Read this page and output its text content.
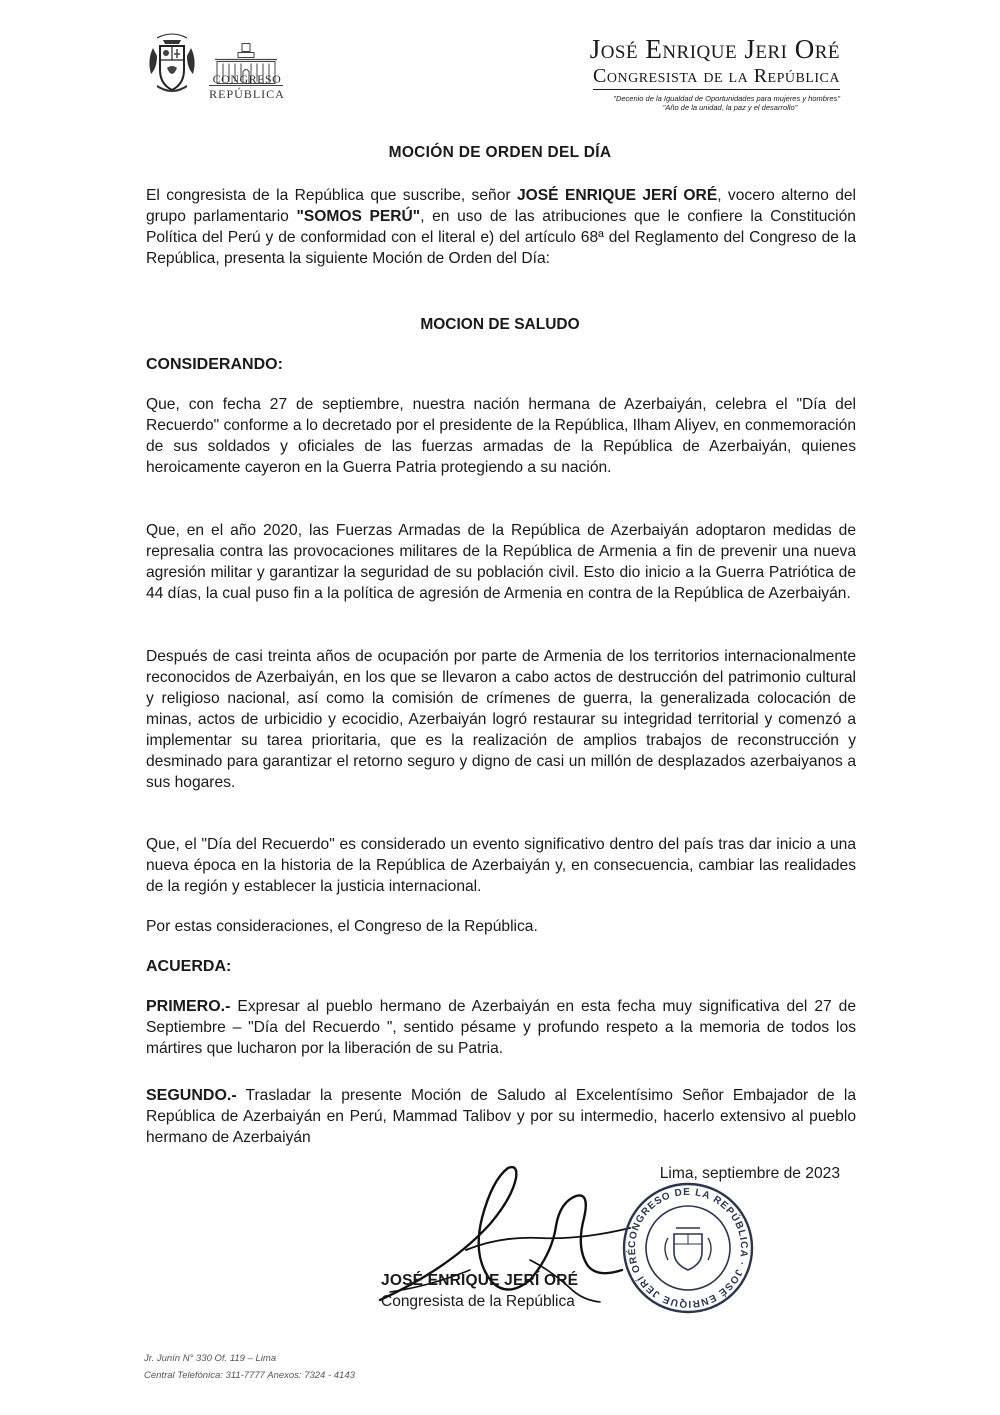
CONGRESO
REPÚBLICA
José Enrique Jeri Oré
Congresista de la República
"Decenio de la Igualdad de Oportunidades para mujeres y hombres"
"Año de la unidad, la paz y el desarrollo"
MOCIÓN DE ORDEN DEL DÍA

El congresista de la República que suscribe, señor JOSÉ ENRIQUE JERÍ ORÉ, vocero alterno del grupo parlamentario "SOMOS PERÚ", en uso de las atribuciones que le confiere la Constitución Política del Perú y de conformidad con el literal e) del artículo 68ª del Reglamento del Congreso de la República, presenta la siguiente Moción de Orden del Día:

MOCION DE SALUDO
CONSIDERANDO:

Que, con fecha 27 de septiembre, nuestra nación hermana de Azerbaiyán, celebra el "Día del Recuerdo" conforme a lo decretado por el presidente de la República, Ilham Aliyev, en conmemoración de sus soldados y oficiales de las fuerzas armadas de la República de Azerbaiyán, quienes heroicamente cayeron en la Guerra Patria protegiendo a su nación.

Que, en el año 2020, las Fuerzas Armadas de la República de Azerbaiyán adoptaron medidas de represalia contra las provocaciones militares de la República de Armenia a fin de prevenir una nueva agresión militar y garantizar la seguridad de su población civil. Esto dio inicio a la Guerra Patriótica de 44 días, la cual puso fin a la política de agresión de Armenia en contra de la República de Azerbaiyán.

Después de casi treinta años de ocupación por parte de Armenia de los territorios internacionalmente reconocidos de Azerbaiyán, en los que se llevaron a cabo actos de destrucción del patrimonio cultural y religioso nacional, así como la comisión de crímenes de guerra, la generalizada colocación de minas, actos de urbicidio y ecocidio, Azerbaiyán logró restaurar su integridad territorial y comenzó a implementar su tarea prioritaria, que es la realización de amplios trabajos de reconstrucción y desminado para garantizar el retorno seguro y digno de casi un millón de desplazados azerbaiyanos a sus hogares.

Que, el "Día del Recuerdo" es considerado un evento significativo dentro del país tras dar inicio a una nueva época en la historia de la República de Azerbaiyán y, en consecuencia, cambiar las realidades de la región y establecer la justicia internacional.

Por estas consideraciones, el Congreso de la República.

ACUERDA:

PRIMERO.- Expresar al pueblo hermano de Azerbaiyán en esta fecha muy significativa del 27 de Septiembre – "Día del Recuerdo ", sentido pésame y profundo respeto a la memoria de todos los mártires que lucharon por la liberación de su Patria.

SEGUNDO.- Trasladar la presente Moción de Saludo al Excelentísimo Señor Embajador de la República de Azerbaiyán en Perú, Mammad Talibov y por su intermedio, hacerlo extensivo al pueblo hermano de Azerbaiyán

Lima, septiembre de 2023
CONGRESO DE LA REPÚBLICA · JOSÉ ENRIQUE JERÍ ORÉ
JOSÉ ENRIQUE JERÍ ORÉ
Congresista de la República
Jr. Junín N° 330 Of. 119 – Lima
Central Telefónica: 311-7777 Anexos: 7324 - 4143
